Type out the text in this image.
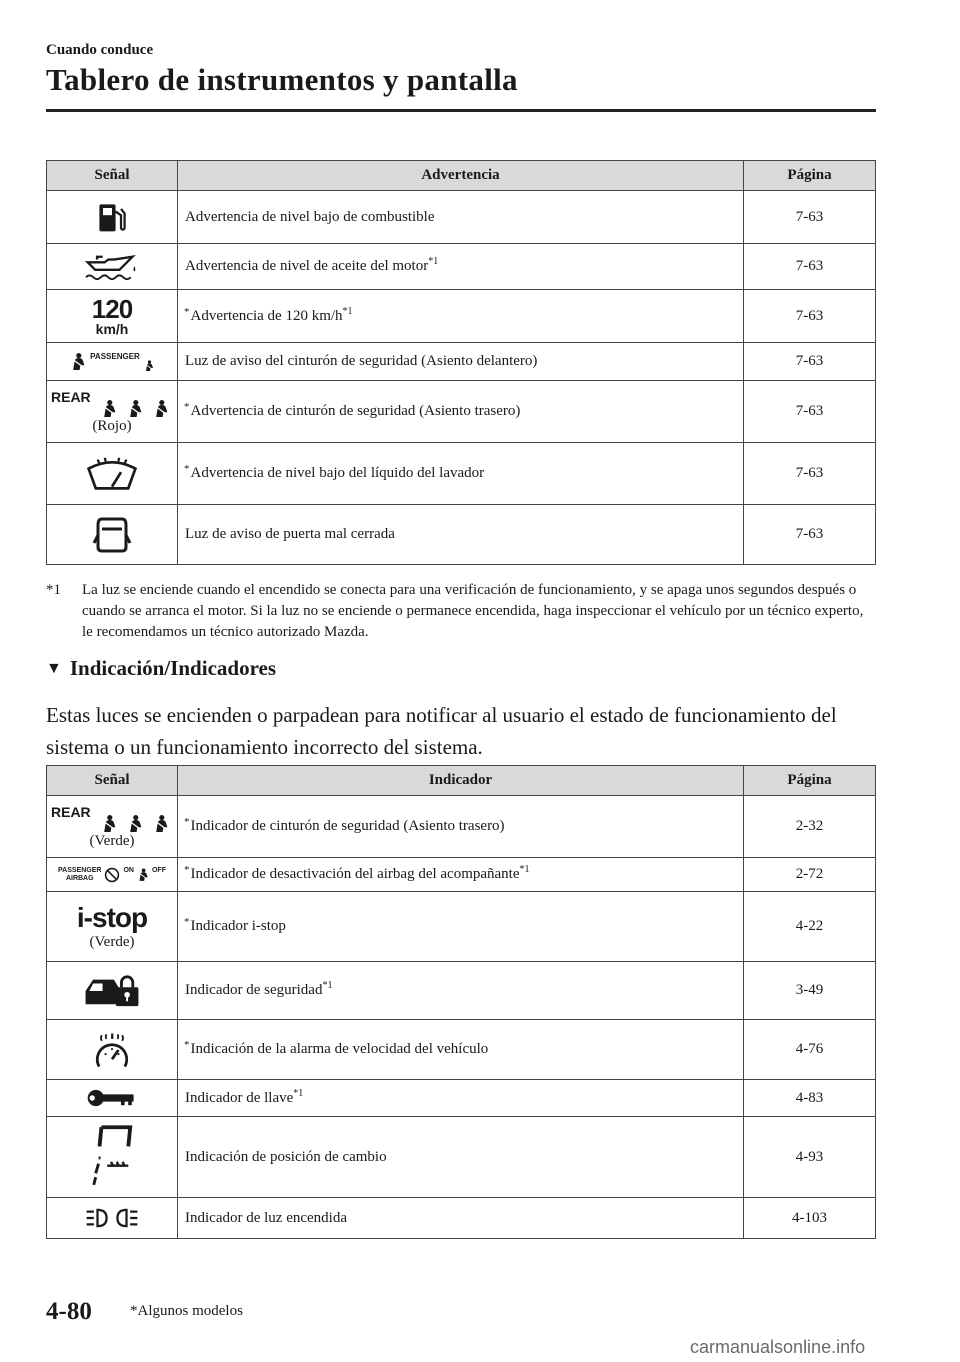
Cuando conduce
Tablero de instrumentos y pantalla
Señal	Advertencia	Página

	Advertencia de nivel bajo de combustible	7-63

	Advertencia de nivel de aceite del motor$^{*1}$	7-63

120
km/h	*Advertencia de 120 $km/h^{*1}$	7-63

PASSENGER	Luz de aviso del cinturón de seguridad (Asiento delantero)	7-63

REAR
(Rojo)	*Advertencia de cinturón de seguridad (Asiento trasero)	7-63

	*Advertencia de nivel bajo del líquido del lavador	7-63

	Luz de aviso de puerta mal cerrada	7-63
*1 La luz se enciende cuando el encendido se conecta para una verificación de funcionamiento, y se apaga unos segundos después o cuando se arranca el motor. Si la luz no se enciende o permanece encendida, haga inspeccionar el vehículo por un técnico experto, le recomendamos un técnico autorizado Mazda.
▼ Indicación/Indicadores
Estas luces se encienden o parpadean para notificar al usuario el estado de funcionamiento del sistema o un funcionamiento incorrecto del sistema.
Señal	Indicador	Página

REAR
(Verde)	*Indicador de cinturón de seguridad (Asiento trasero)	2-32

PASSENGER
AIRBAG
ON OFF	*Indicador de desactivación del airbag del acompañante$^{*1}$	2-72

i-stop
(Verde)	*Indicador i-stop	4-22

	Indicador de seguridad$^{*1}$	3-49

	*Indicación de la alarma de velocidad del vehículo	4-76

	Indicador de llave$^{*1}$	4-83

	Indicación de posición de cambio	4-93

	Indicador de luz encendida	4-103
4-80	*Algunos modelos
carmanualsonline.info
